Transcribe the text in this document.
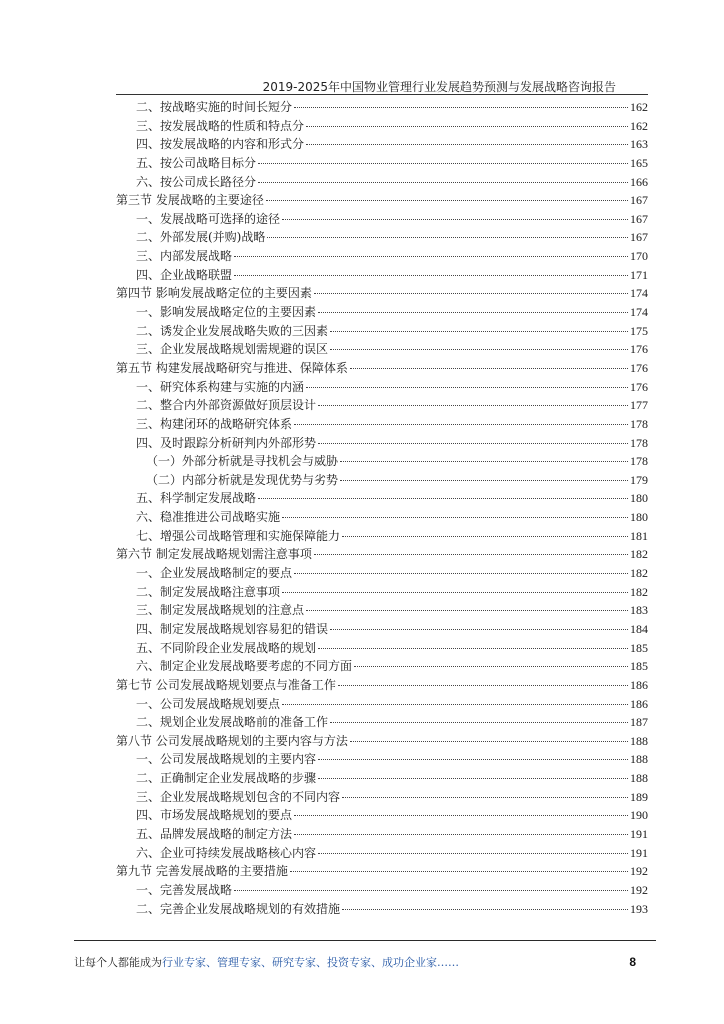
2019-2025年中国物业管理行业发展趋势预测与发展战略咨询报告
二、按战略实施的时间长短分	162
三、按发展战略的性质和特点分	162
四、按发展战略的内容和形式分	163
五、按公司战略目标分	165
六、按公司成长路径分	166
第三节 发展战略的主要途径	167
一、发展战略可选择的途径	167
二、外部发展(并购)战略	167
三、内部发展战略	170
四、企业战略联盟	171
第四节 影响发展战略定位的主要因素	174
一、影响发展战略定位的主要因素	174
二、诱发企业发展战略失败的三因素	175
三、企业发展战略规划需规避的误区	176
第五节 构建发展战略研究与推进、保障体系	176
一、研究体系构建与实施的内涵	176
二、整合内外部资源做好顶层设计	177
三、构建闭环的战略研究体系	178
四、及时跟踪分析研判内外部形势	178
（一）外部分析就是寻找机会与威胁	178
（二）内部分析就是发现优势与劣势	179
五、科学制定发展战略	180
六、稳准推进公司战略实施	180
七、增强公司战略管理和实施保障能力	181
第六节 制定发展战略规划需注意事项	182
一、企业发展战略制定的要点	182
二、制定发展战略注意事项	182
三、制定发展战略规划的注意点	183
四、制定发展战略规划容易犯的错误	184
五、不同阶段企业发展战略的规划	185
六、制定企业发展战略要考虑的不同方面	185
第七节 公司发展战略规划要点与准备工作	186
一、公司发展战略规划要点	186
二、规划企业发展战略前的准备工作	187
第八节 公司发展战略规划的主要内容与方法	188
一、公司发展战略规划的主要内容	188
二、正确制定企业发展战略的步骤	188
三、企业发展战略规划包含的不同内容	189
四、市场发展战略规划的要点	190
五、品牌发展战略的制定方法	191
六、企业可持续发展战略核心内容	191
第九节 完善发展战略的主要措施	192
一、完善发展战略	192
二、完善企业发展战略规划的有效措施	193
让每个人都能成为 行业专家、管理专家、研究专家、投资专家、成功企业家……	8
